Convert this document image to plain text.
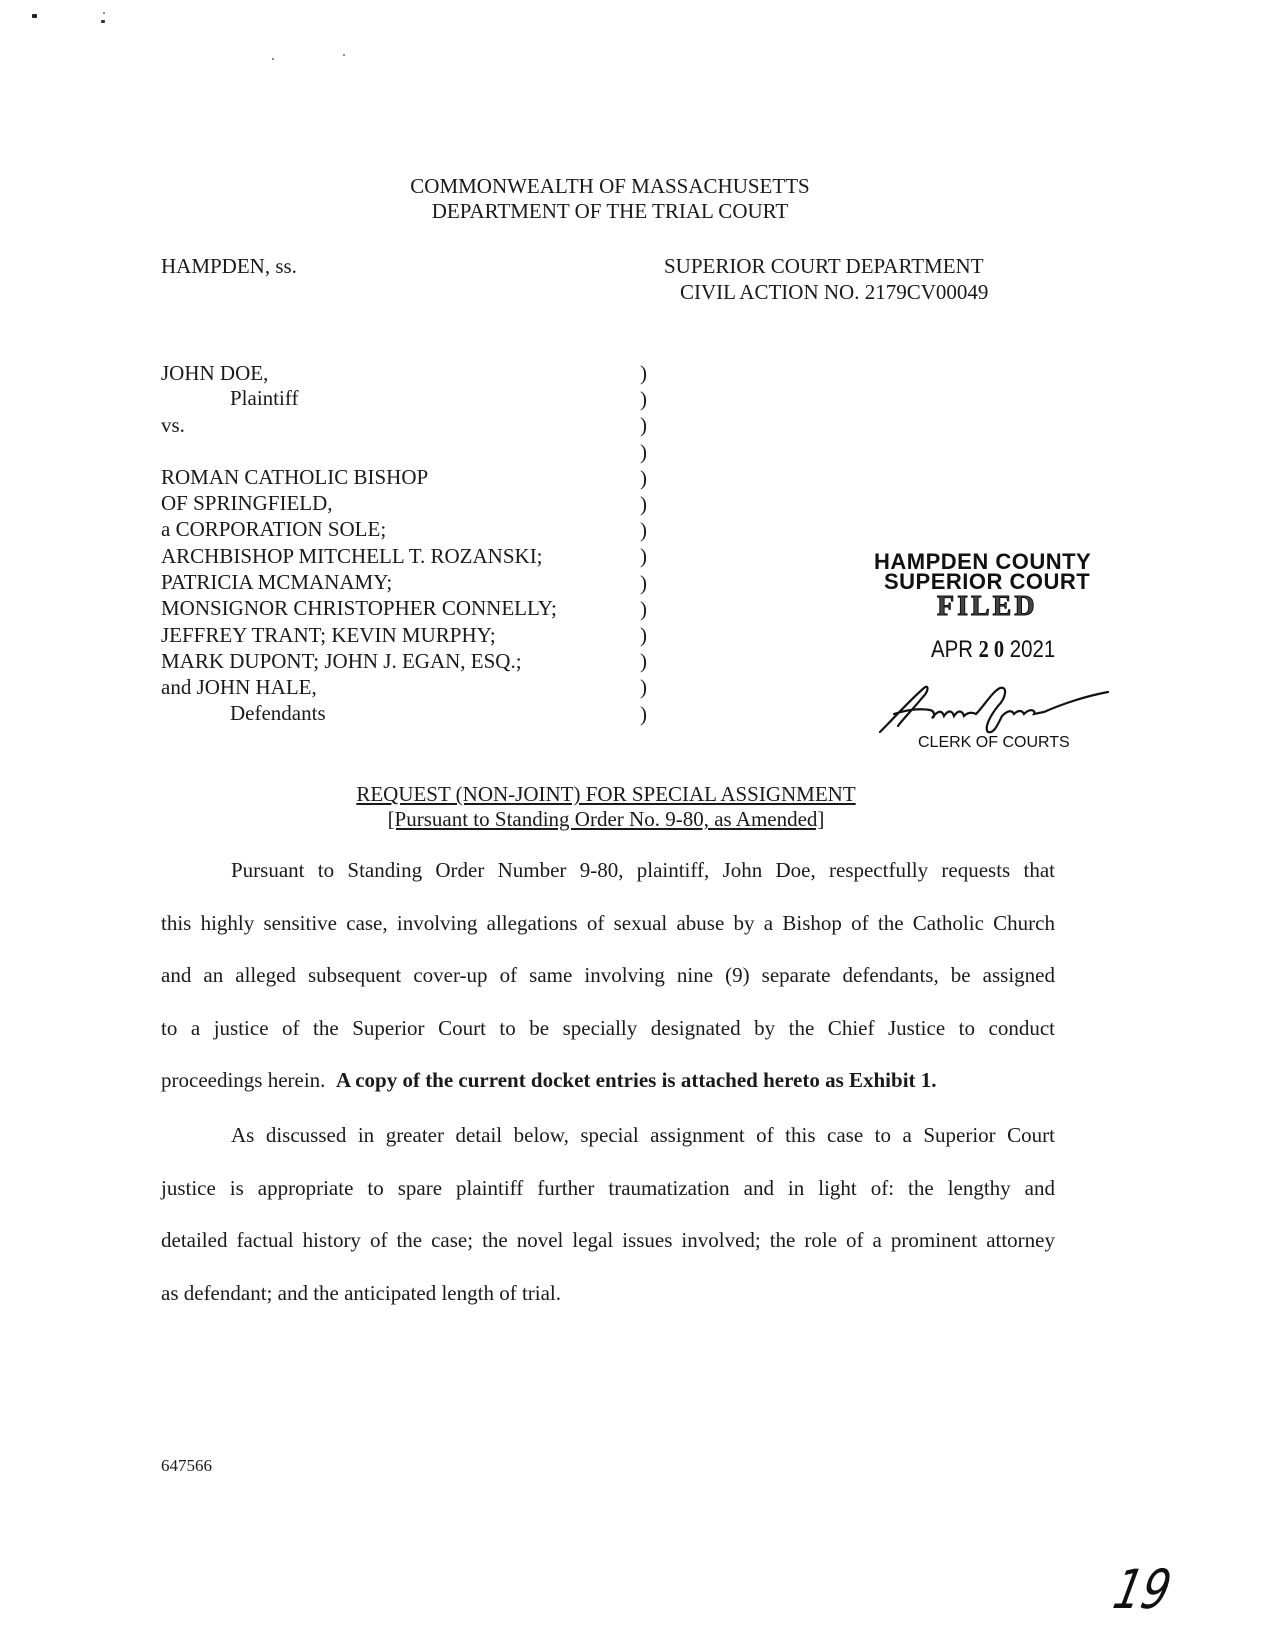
COMMONWEALTH OF MASSACHUSETTS
DEPARTMENT OF THE TRIAL COURT
HAMPDEN, ss.	SUPERIOR COURT DEPARTMENT
CIVIL ACTION NO. 2179CV00049
JOHN DOE,
Plaintiff
vs.
ROMAN CATHOLIC BISHOP
OF SPRINGFIELD,
a CORPORATION SOLE;
ARCHBISHOP MITCHELL T. ROZANSKI;
PATRICIA MCMANAMY;
MONSIGNOR CHRISTOPHER CONNELLY;
JEFFREY TRANT; KEVIN MURPHY;
MARK DUPONT; JOHN J. EGAN, ESQ.;
and JOHN HALE,
Defendants
)
)
)
)
)
)
)
)
)
)
)
)
)
)
HAMPDEN COUNTY
SUPERIOR COURT
FILED
APR 2 0 2021
CLERK OF COURTS
REQUEST (NON-JOINT) FOR SPECIAL ASSIGNMENT
[Pursuant to Standing Order No. 9-80, as Amended]
Pursuant to Standing Order Number 9-80, plaintiff, John Doe, respectfully requests that
this highly sensitive case, involving allegations of sexual abuse by a Bishop of the Catholic Church
and an alleged subsequent cover-up of same involving nine (9) separate defendants, be assigned
to a justice of the Superior Court to be specially designated by the Chief Justice to conduct
proceedings herein. A copy of the current docket entries is attached hereto as Exhibit 1.
As discussed in greater detail below, special assignment of this case to a Superior Court
justice is appropriate to spare plaintiff further traumatization and in light of: the lengthy and
detailed factual history of the case; the novel legal issues involved; the role of a prominent attorney
as defendant; and the anticipated length of trial.
647566
19
